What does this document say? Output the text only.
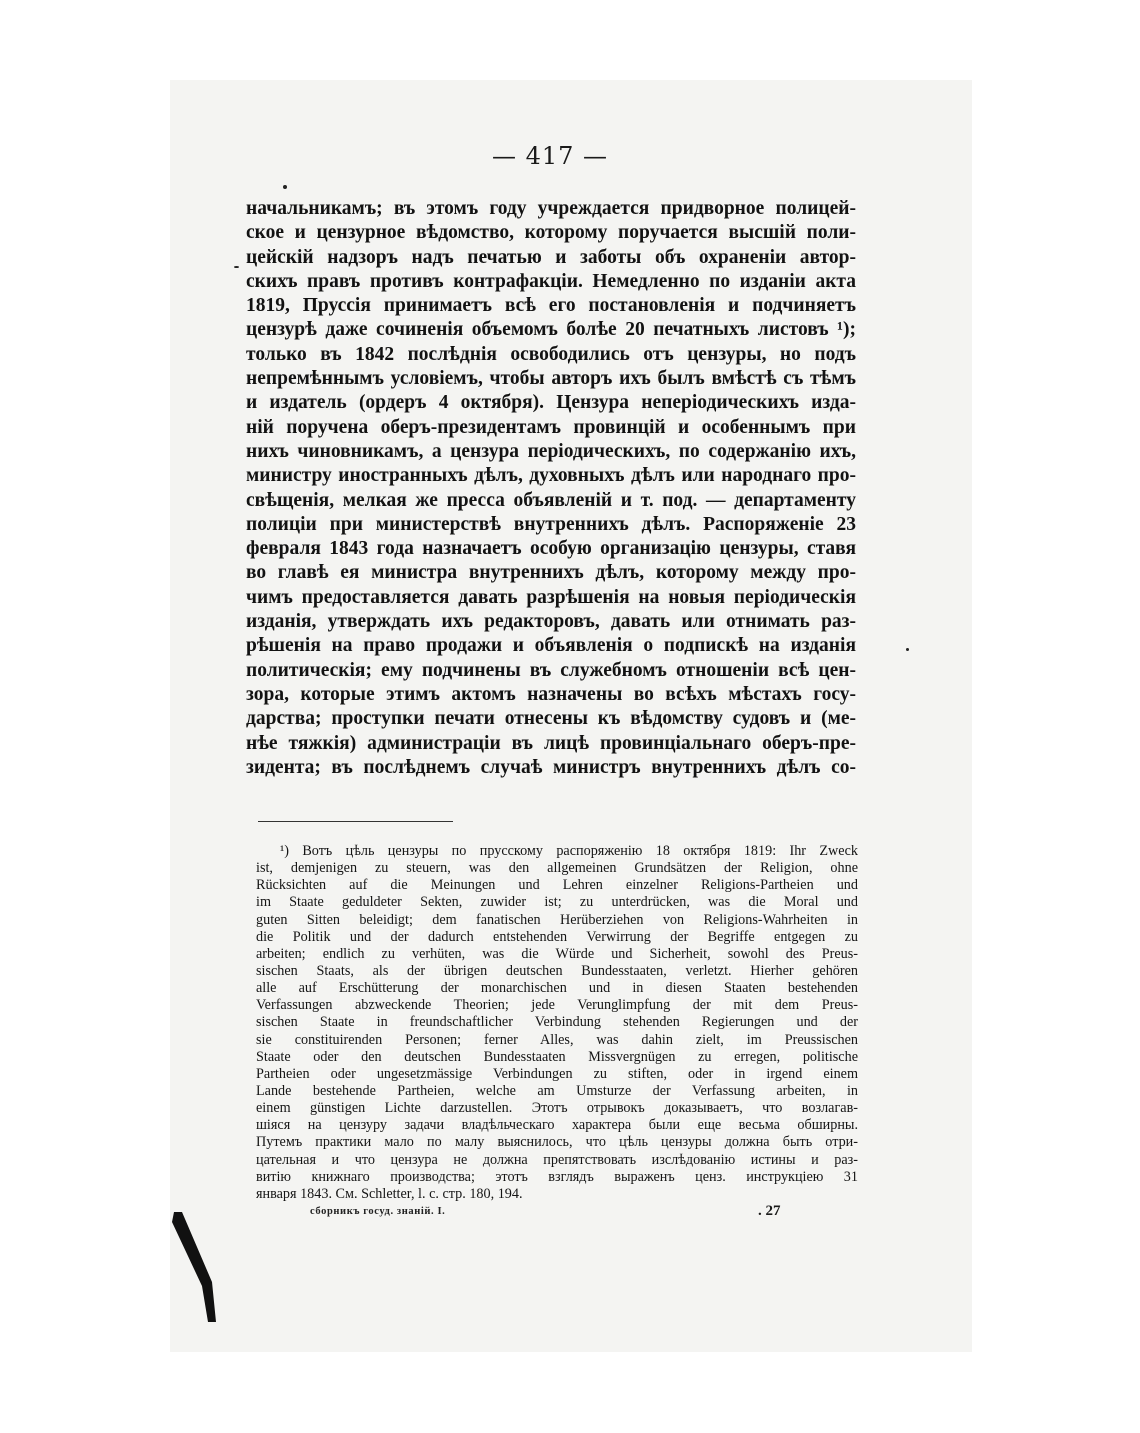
— 417 —
начальникамъ; въ этомъ году учреждается придворное полицей-
ское и цензурное вѣдомство, которому поручается высшій поли-
цейскій надзоръ надъ печатью и заботы объ охраненіи автор-
скихъ правъ противъ контрафакціи. Немедленно по изданіи акта
1819, Пруссія принимаетъ всѣ его постановленія и подчиняетъ
цензурѣ даже сочиненія объемомъ болѣе 20 печатныхъ листовъ ¹);
только въ 1842 послѣднія освободились отъ цензуры, но подъ
непремѣннымъ условіемъ, чтобы авторъ ихъ былъ вмѣстѣ съ тѣмъ
и издатель (ордеръ 4 октября). Цензура непеpiодическихъ изда-
ній поручена оберъ-президентамъ провинцій и особеннымъ при
нихъ чиновникамъ, а цензура періодическихъ, по содержанію ихъ,
министру иностранныхъ дѣлъ, духовныхъ дѣлъ или народнаго про-
свѣщенія, мелкая же пресса объявленій и т. под. — департаменту
полиціи при министерствѣ внутреннихъ дѣлъ. Распоряженіе 23
февраля 1843 года назначаетъ особую организацію цензуры, ставя
во главѣ ея министра внутреннихъ дѣлъ, которому между про-
чимъ предоставляется давать разрѣшенія на новыя періодическія
изданія, утверждать ихъ редакторовъ, давать или отнимать раз-
рѣшенія на право продажи и объявленія о подпискѣ на изданія
политическія; ему подчинены въ служебномъ отношеніи всѣ цен-
зора, которые этимъ актомъ назначены во всѣхъ мѣстахъ госу-
дарства; проступки печати отнесены къ вѣдомству судовъ и (ме-
нѣе тяжкія) администраціи въ лицѣ провинціальнаго оберъ-пре-
зидента; въ послѣднемъ случаѣ министръ внутреннихъ дѣлъ со-
¹) Вотъ цѣль цензуры по прусскому распоряженію 18 октября 1819: Ihr Zweck
ist, demjenigen zu steuern, was den allgemeinen Grundsätzen der Religion, ohne
Rücksichten auf die Meinungen und Lehren einzelner Religions-Partheien und
im Staate geduldeter Sekten, zuwider ist; zu unterdrücken, was die Moral und
guten Sitten beleidigt; dem fanatischen Herüberziehen von Religions-Wahrheiten in
die Politik und der dadurch entstehenden Verwirrung der Begriffe entgegen zu
arbeiten; endlich zu verhüten, was die Würde und Sicherheit, sowohl des Preus-
sischen Staats, als der übrigen deutschen Bundesstaaten, verletzt. Hierher gehören
alle auf Erschütterung der monarchischen und in diesen Staaten bestehenden
Verfassungen abzweckende Theorien; jede Verunglimpfung der mit dem Preus-
sischen Staate in freundschaftlicher Verbindung stehenden Regierungen und der
sie constituirenden Personen; ferner Alles, was dahin zielt, im Preussischen
Staate oder den deutschen Bundesstaaten Missvergnügen zu erregen, politische
Partheien oder ungesetzmässige Verbindungen zu stiften, oder in irgend einem
Lande bestehende Partheien, welche am Umsturze der Verfassung arbeiten, in
einem günstigen Lichte darzustellen. Этотъ отрывокъ доказываетъ, что возлагав-
шіяся на цензуру задачи владѣльческаго характера были еще весьма обширны.
Путемъ практики мало по малу выяснилось, что цѣль цензуры должна быть отри-
цательная и что цензура не должна препятствовать изслѣдованію истины и раз-
витію книжнаго производства; этотъ взглядъ выраженъ ценз. инструкціею 31
января 1843. См. Schletter, l. c. стр. 180, 194.
сборникъ госуд. знаній. I.	. 27
